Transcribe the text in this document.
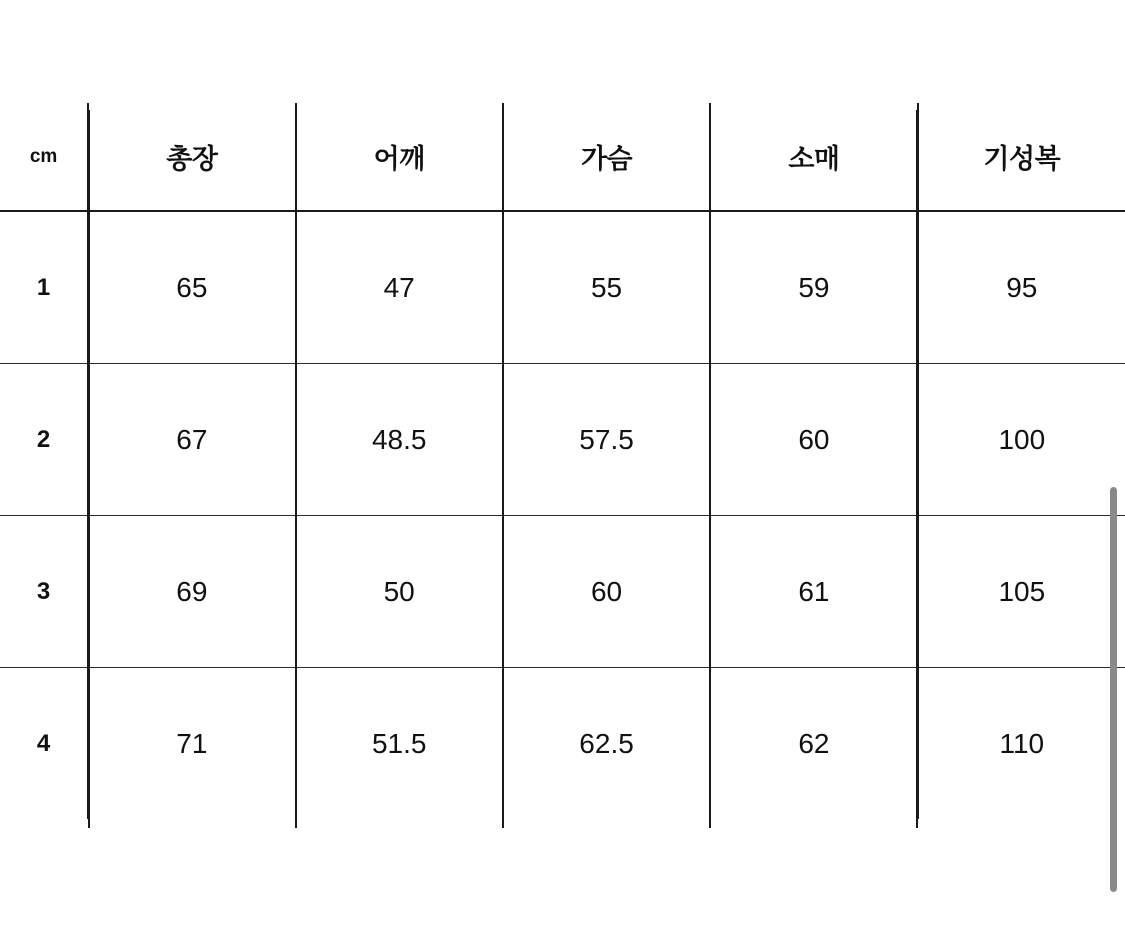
cm	총장	어깨	가슴	소매	기성복
1	65	47	55	59	95
2	67	48.5	57.5	60	100
3	69	50	60	61	105
4	71	51.5	62.5	62	110
